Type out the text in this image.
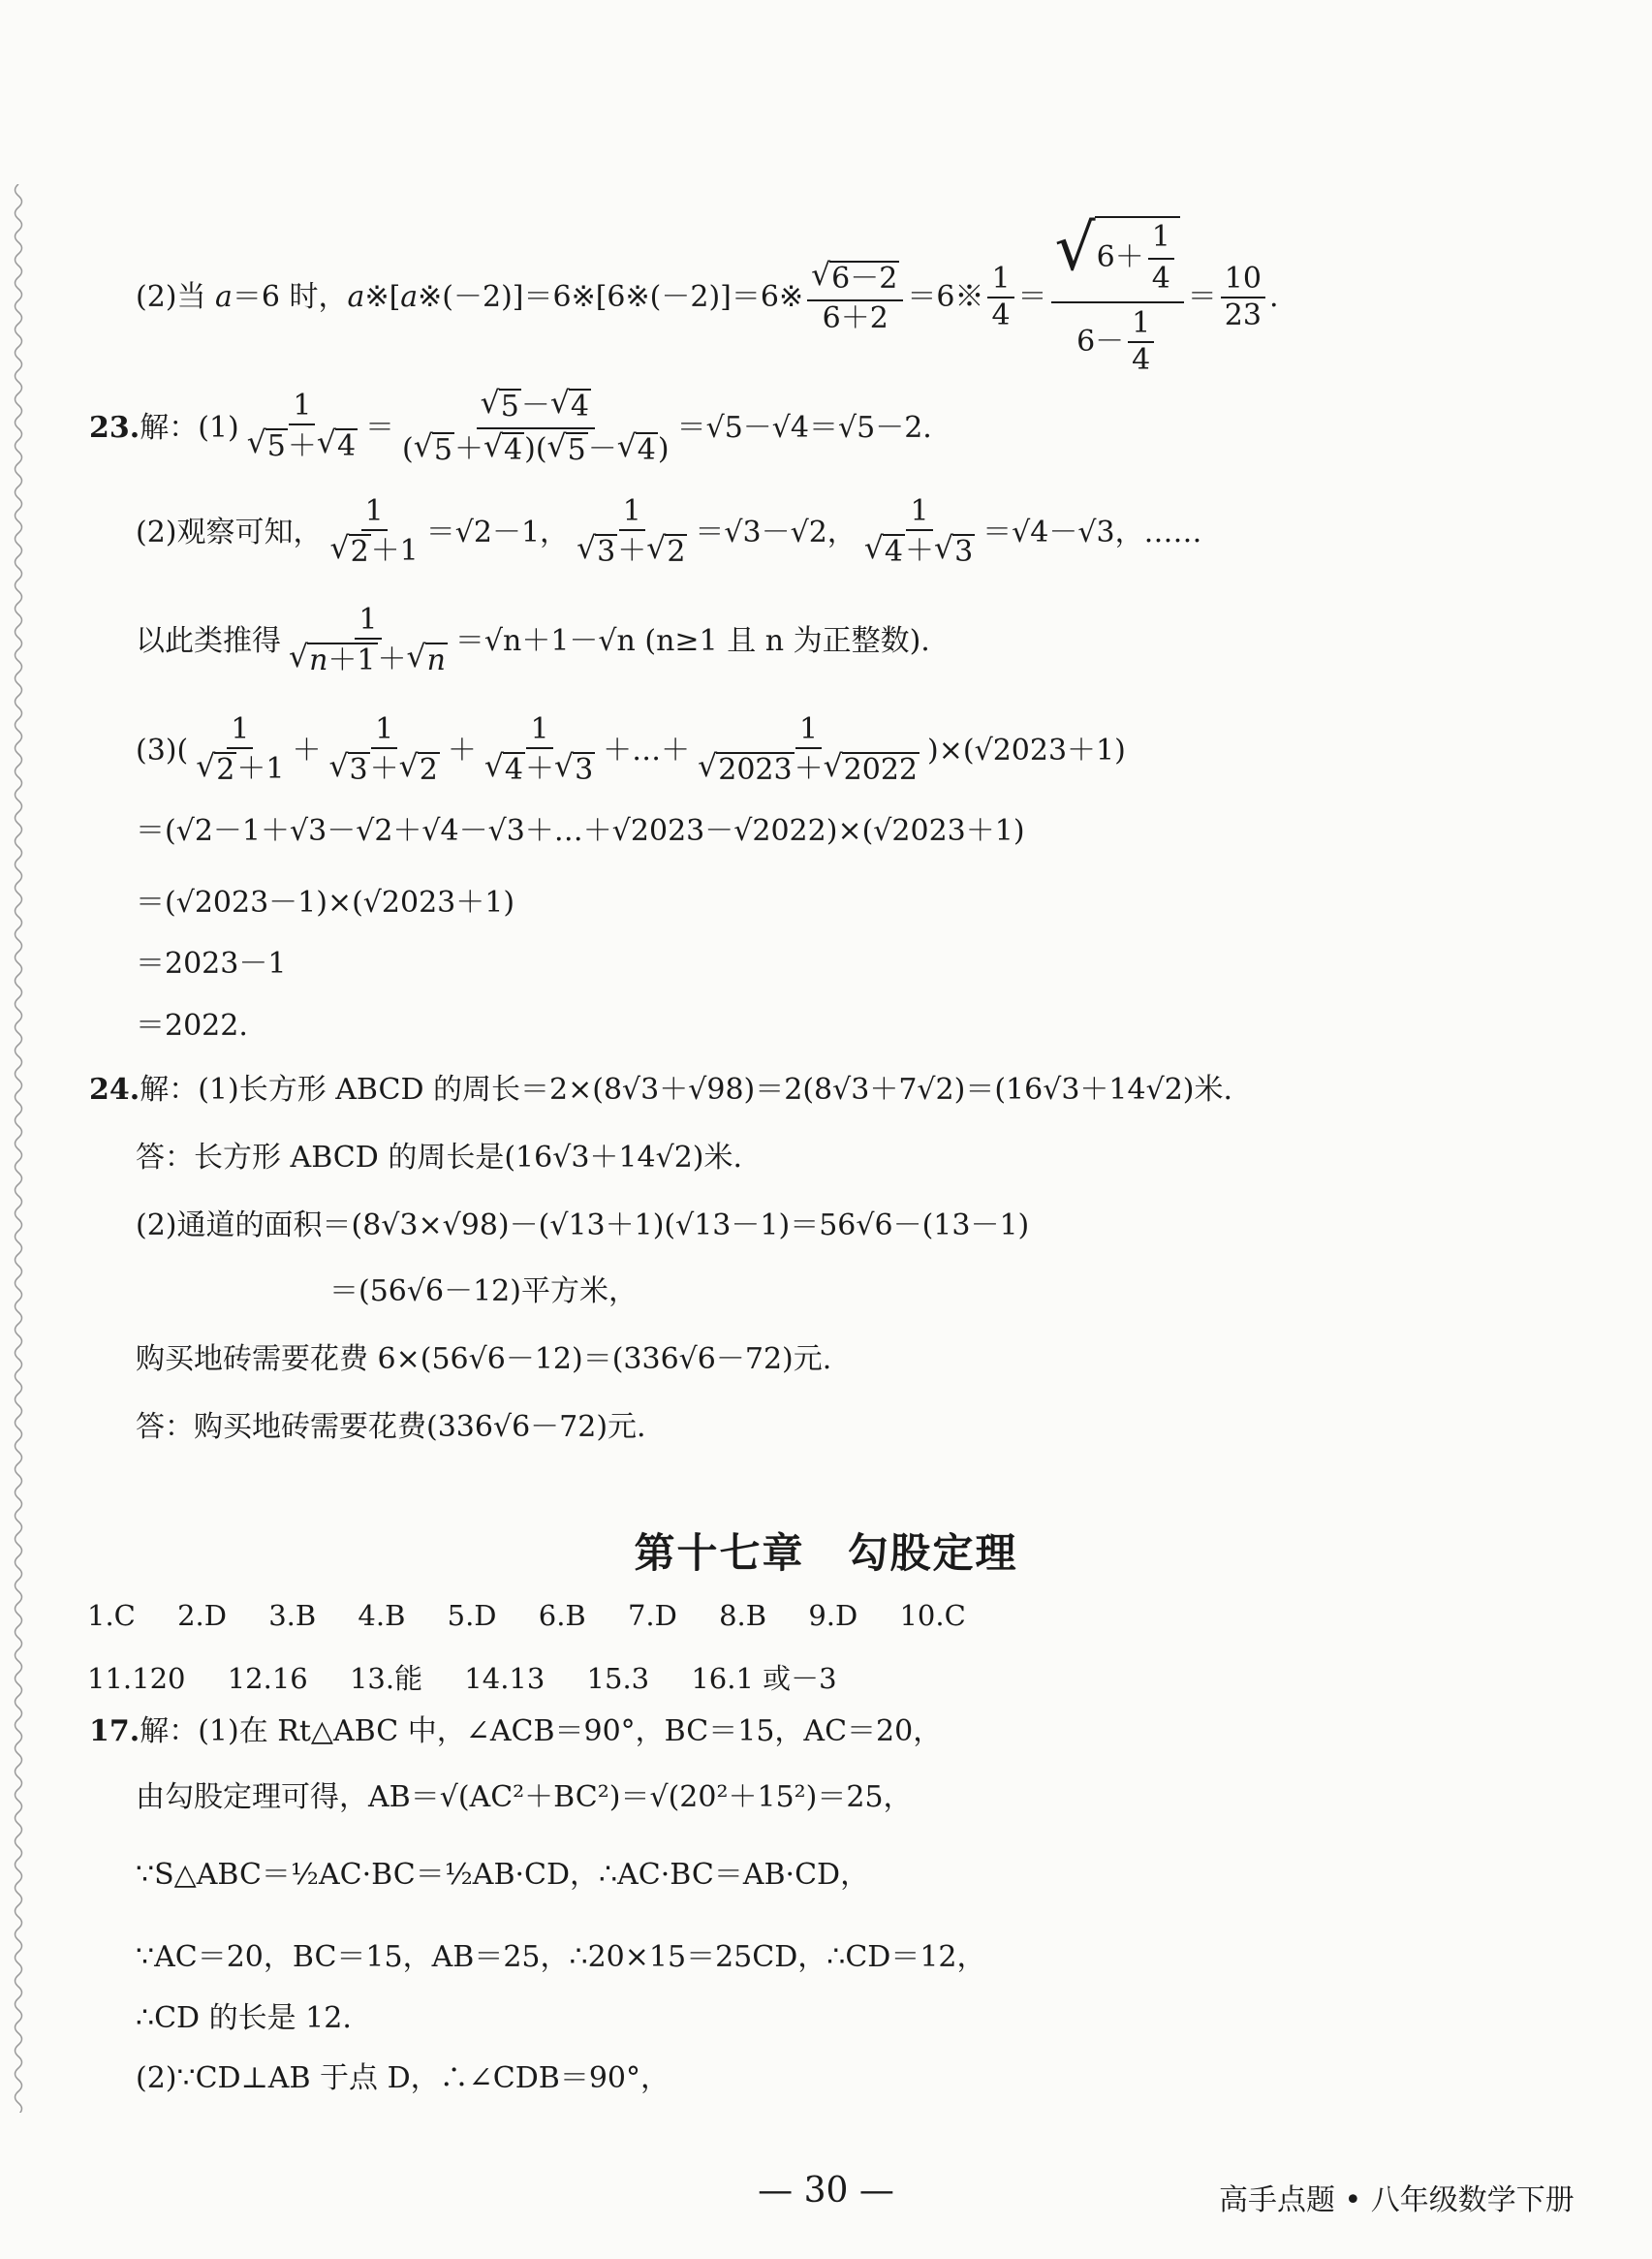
(2)当 a＝6 时，a※[a※(－2)]＝6※[6※(－2)]＝6※
√ 6－2
6＋2
＝6※
1
4
＝
√ 6＋
1
4
6－
1
4
＝
10
23
.
23. 解：(1)
1
√ 5 ＋ √ 4
＝
√ 5 － √ 4
( √ 5 ＋ √ 4 )( √ 5 － √ 4 )
＝√5－√4＝√5－2.
(2)观察可知，
1
√ 2 ＋1
＝√2－1，
1
√ 3 ＋ √ 2
＝√3－√2，
1
√ 4 ＋ √ 3
＝√4－√3 ，……
以此类推得
1
√ n＋1 ＋ √ n
＝√n＋1－√n (n≥1 且 n 为正整数).
(3)(
1
√ 2 ＋1
＋
1
√ 3 ＋ √ 2
＋
1
√ 4 ＋ √ 3
＋…＋
1
√ 2023 ＋ √ 2022
)×(√2023＋1)
＝(√2－1＋√3－√2＋√4－√3＋…＋√2023－√2022)×(√2023＋1)
＝(√2023－1)×(√2023＋1)
＝2023－1
＝2022.
24. 解：(1)长方形 ABCD 的周长＝2×(8√3＋√98)＝2(8√3＋7√2)＝(16√3＋14√2)米.
答：长方形 ABCD 的周长是(16√3＋14√2)米.
(2)通道的面积＝(8√3×√98)－(√13＋1)(√13－1)＝56√6－(13－1)
＝(56√6－12)平方米，
购买地砖需要花费 6×(56√6－12)＝(336√6－72)元.
答：购买地砖需要花费(336√6－72)元.
第十七章　勾股定理
1.C 2.D 3.B 4.B 5.D 6.B 7.D 8.B 9.D 10.C
11.120 12.16 13.能 14.13 15.3 16.1 或－3
17. 解：(1)在 Rt△ABC 中，∠ACB＝90°，BC＝15，AC＝20，
由勾股定理可得，AB＝√(AC²＋BC²)＝√(20²＋15²)＝25，
∵S△ABC＝½AC·BC＝½AB·CD，∴AC·BC＝AB·CD，
∵AC＝20，BC＝15，AB＝25，∴20×15＝25CD，∴CD＝12，
∴CD 的长是 12.
(2)∵CD⊥AB 于点 D，∴∠CDB＝90°，
— 30 —	高手点题 • 八年级数学下册
